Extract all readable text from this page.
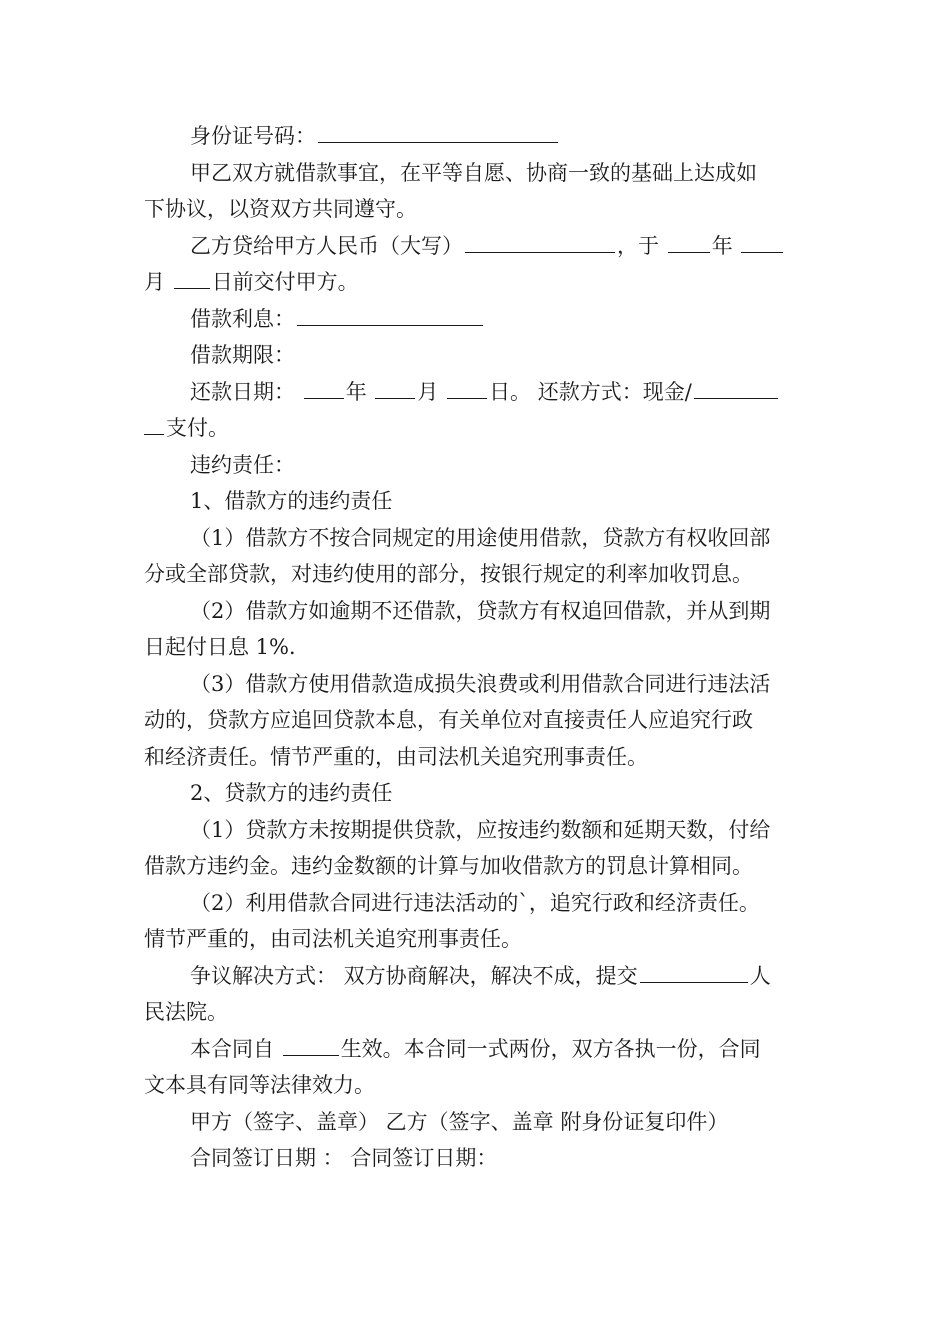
身份证号码：
甲乙双方就借款事宜，在平等自愿、协商一致的基础上达成如
下协议，以资双方共同遵守。
乙方贷给甲方人民币（大写）	，于	年
月 日前交付甲方。
借款利息：
借款期限：
还款日期： 年 月 日。 还款方式：现金/
支付。
违约责任：
1、借款方的违约责任
（1）借款方不按合同规定的用途使用借款，贷款方有权收回部
分或全部贷款，对违约使用的部分，按银行规定的利率加收罚息。
（2）借款方如逾期不还借款，贷款方有权追回借款，并从到期
日起付日息 1%．
（3）借款方使用借款造成损失浪费或利用借款合同进行违法活
动的，贷款方应追回贷款本息，有关单位对直接责任人应追究行政
和经济责任。情节严重的，由司法机关追究刑事责任。
2、贷款方的违约责任
（1）贷款方未按期提供贷款，应按违约数额和延期天数，付给
借款方违约金。违约金数额的计算与加收借款方的罚息计算相同。
（2）利用借款合同进行违法活动的`，追究行政和经济责任。
情节严重的，由司法机关追究刑事责任。
争议解决方式： 双方协商解决，解决不成，提交	人
民法院。
本合同自	生效。本合同一式两份，双方各执一份，合同
文本具有同等法律效力。
甲方（签字、盖章） 乙方（签字、盖章 附身份证复印件）
合同签订日期 ： 合同签订日期：
